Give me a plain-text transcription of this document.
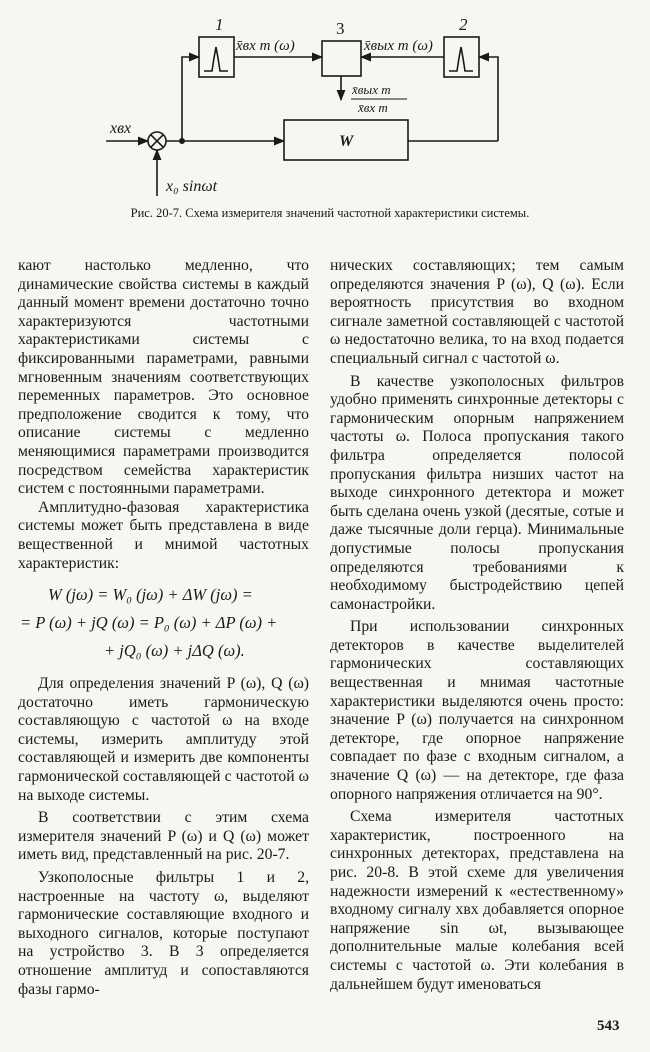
1	2
3
x̄вх m (ω)	x̄вых m (ω)
x̄вых m
x̄вх m
xвх
W
x₀ sinωt
Рис. 20-7. Схема измерителя значений частотной характеристики системы.

кают настолько медленно, что динамические свойства системы в каждый данный момент времени достаточно точно характеризуются частотными характеристиками системы с фиксированными параметрами, равными мгновенным значениям соответствующих переменных параметров. Это основное предположение сводится к тому, что описание системы с медленно меняющимися параметрами производится посредством семейства характеристик систем с постоянными параметрами.

Амплитудно-фазовая характеристика системы может быть представлена в виде вещественной и мнимой частотных характеристик:

W (jω) = W₀ (jω) + ΔW (jω) =
= P (ω) + jQ (ω) = P₀ (ω) + ΔP (ω) +
+ jQ₀ (ω) + jΔQ (ω).

Для определения значений P (ω), Q (ω) достаточно иметь гармоническую составляющую с частотой ω на входе системы, измерить амплитуду этой составляющей и измерить две компоненты гармонической составляющей с частотой ω на выходе системы.

В соответствии с этим схема измерителя значений P (ω) и Q (ω) может иметь вид, представленный на рис. 20-7.

Узкополосные фильтры 1 и 2, настроенные на частоту ω, выделяют гармонические составляющие входного и выходного сигналов, которые поступают на устройство 3. В 3 определяется отношение амплитуд и сопоставляются фазы гармо-

нических составляющих; тем самым определяются значения P (ω), Q (ω). Если вероятность присутствия во входном сигнале заметной составляющей с частотой ω недостаточно велика, то на вход подается специальный сигнал с частотой ω.

В качестве узкополосных фильтров удобно применять синхронные детекторы с гармоническим опорным напряжением частоты ω. Полоса пропускания такого фильтра определяется полосой пропускания фильтра низших частот на выходе синхронного детектора и может быть сделана очень узкой (десятые, сотые и даже тысячные доли герца). Минимальные допустимые полосы пропускания определяются требованиями к необходимому быстродействию цепей самонастройки.

При использовании синхронных детекторов в качестве выделителей гармонических составляющих вещественная и мнимая частотные характеристики выделяются очень просто: значение P (ω) получается на синхронном детекторе, где опорное напряжение совпадает по фазе с входным сигналом, а значение Q (ω) — на детекторе, где фаза опорного напряжения отличается на 90°.

Схема измерителя частотных характеристик, построенного на синхронных детекторах, представлена на рис. 20-8. В этой схеме для увеличения надежности измерений к «естественному» входному сигналу xвх добавляется опорное напряжение sin ωt, вызывающее дополнительные малые колебания всей системы с частотой ω. Эти колебания в дальнейшем будут именоваться

543
